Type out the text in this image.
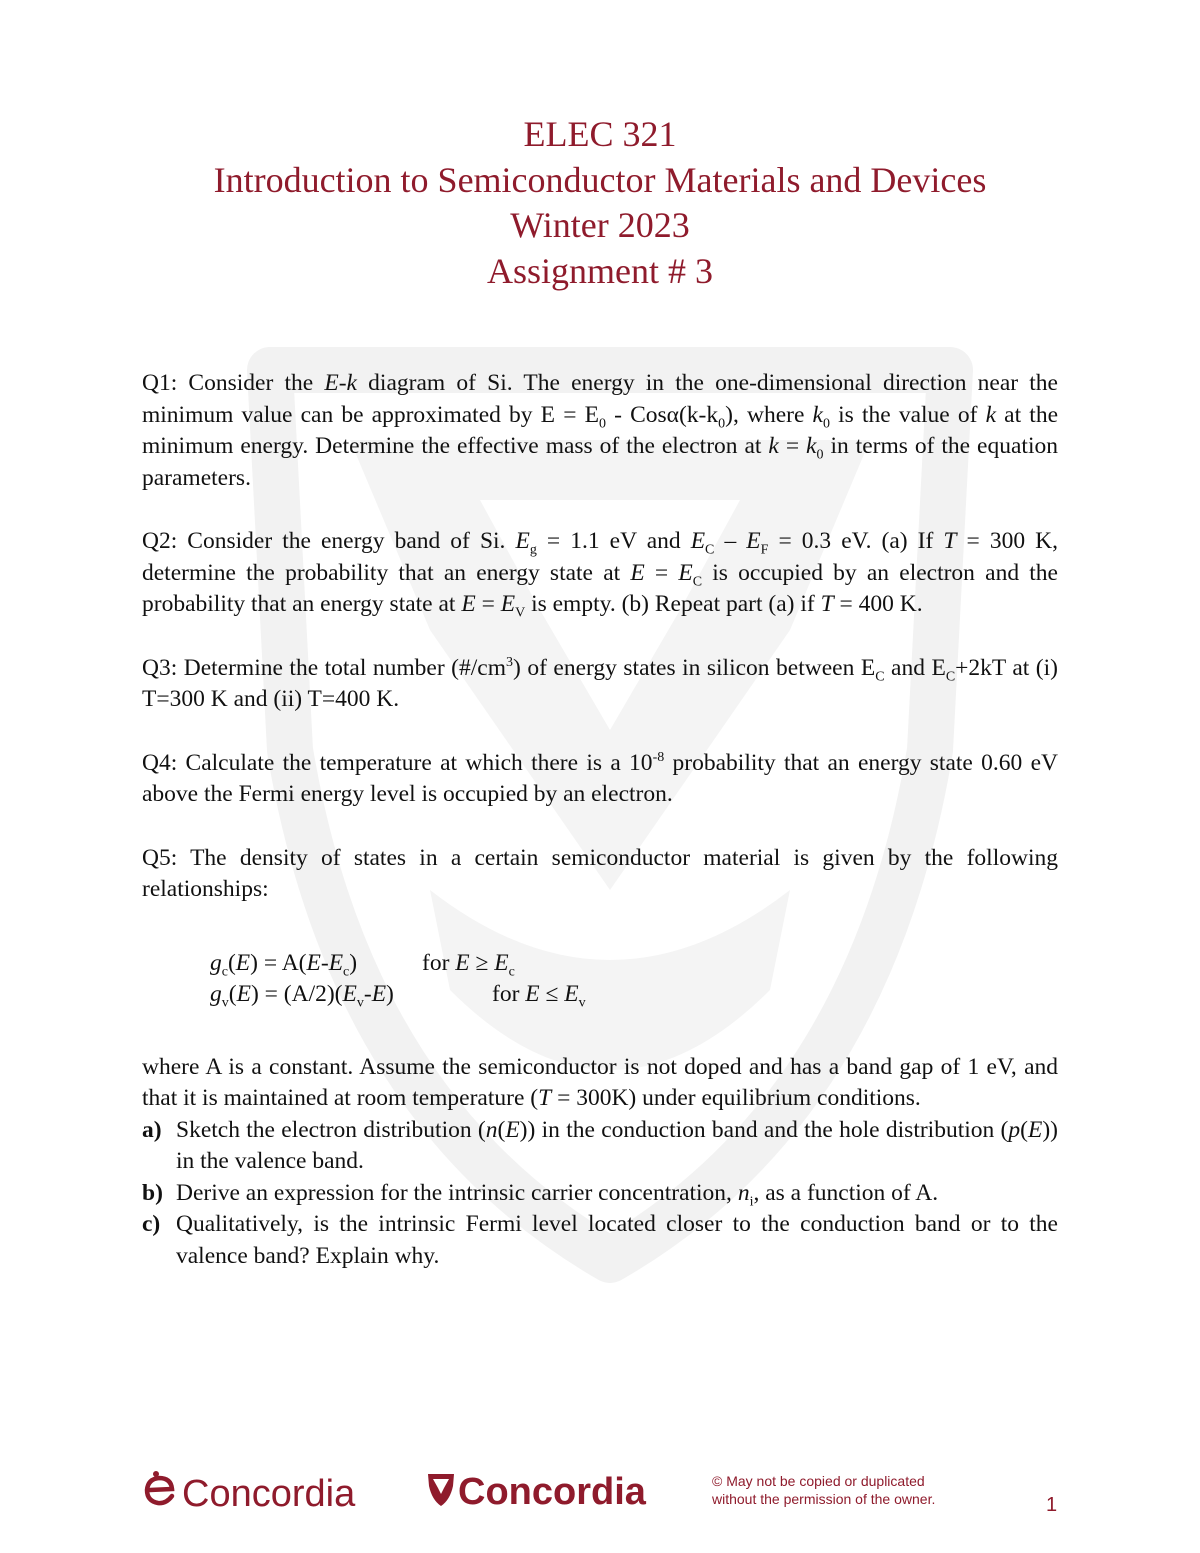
ELEC 321
Introduction to Semiconductor Materials and Devices
Winter 2023
Assignment # 3

Q1: Consider the E-k diagram of Si. The energy in the one-dimensional direction near the minimum value can be approximated by $E = E_0 - Cos\alpha(k-k_0)$, where $k_0$ is the value of k at the minimum energy. Determine the effective mass of the electron at $k = k_0$ in terms of the equation parameters.

Q2: Consider the energy band of Si. $E_g = 1.1$ eV and $E_C - E_F = 0.3$ eV. (a) If T = 300 K, determine the probability that an energy state at $E = E_C$ is occupied by an electron and the probability that an energy state at $E = E_V$ is empty. (b) Repeat part (a) if T = 400 K.

Q3: Determine the total number $(\#/cm^3)$ of energy states in silicon between $E_C$ and $E_C+2kT$ at (i) T=300 K and (ii) T=400 K.

Q4: Calculate the temperature at which there is a $10^{-8}$ probability that an energy state 0.60 eV above the Fermi energy level is occupied by an electron.

Q5: The density of states in a certain semiconductor material is given by the following relationships:

$g_c(E) = A(E-E_c)$	for $E \ge E_c$
$g_v(E) = (A/2)(E_v-E)$	for $E \le E_v$

where A is a constant. Assume the semiconductor is not doped and has a band gap of 1 eV, and that it is maintained at room temperature (T = 300K) under equilibrium conditions.

a) Sketch the electron distribution (n(E)) in the conduction band and the hole distribution (p(E)) in the valence band.
b) Derive an expression for the intrinsic carrier concentration, $n_i$, as a function of A.
c) Qualitatively, is the intrinsic Fermi level located closer to the conduction band or to the valence band? Explain why.
Concordia	Concordia	© May not be copied or duplicated
without the permission of the owner.	1
